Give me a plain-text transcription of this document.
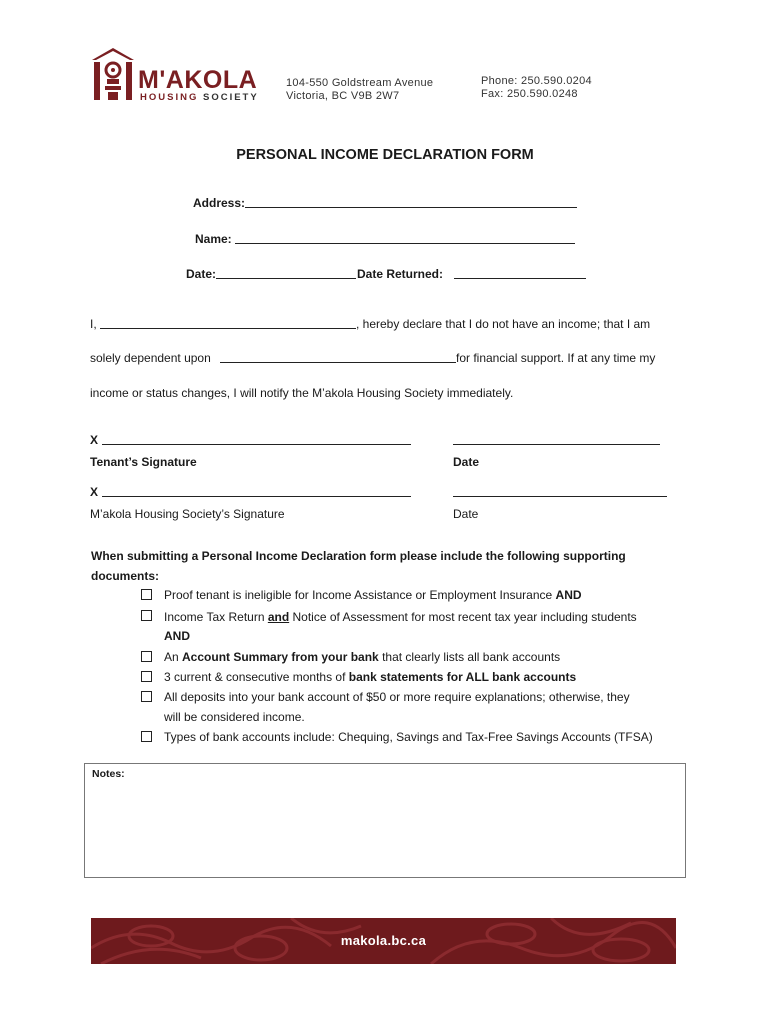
M'AKOLA
HOUSING SOCIETY
104-550 Goldstream Avenue
Victoria, BC V9B 2W7
Phone: 250.590.0204
Fax: 250.590.0248
PERSONAL INCOME DECLARATION FORM
Address:
Name:
Date:	Date Returned:
I,	, hereby declare that I do not have an income; that I am
solely dependent upon	for financial support. If at any time my
income or status changes, I will notify the M’akola Housing Society immediately.
X
Tenant’s Signature	Date
X
M’akola Housing Society’s Signature	Date
When submitting a Personal Income Declaration form please include the following supporting
documents:
Proof tenant is ineligible for Income Assistance or Employment Insurance AND
Income Tax Return and Notice of Assessment for most recent tax year including students
AND
An Account Summary from your bank that clearly lists all bank accounts
3 current & consecutive months of bank statements for ALL bank accounts
All deposits into your bank account of $50 or more require explanations; otherwise, they
will be considered income.
Types of bank accounts include: Chequing, Savings and Tax-Free Savings Accounts (TFSA)
Notes:
makola.bc.ca
